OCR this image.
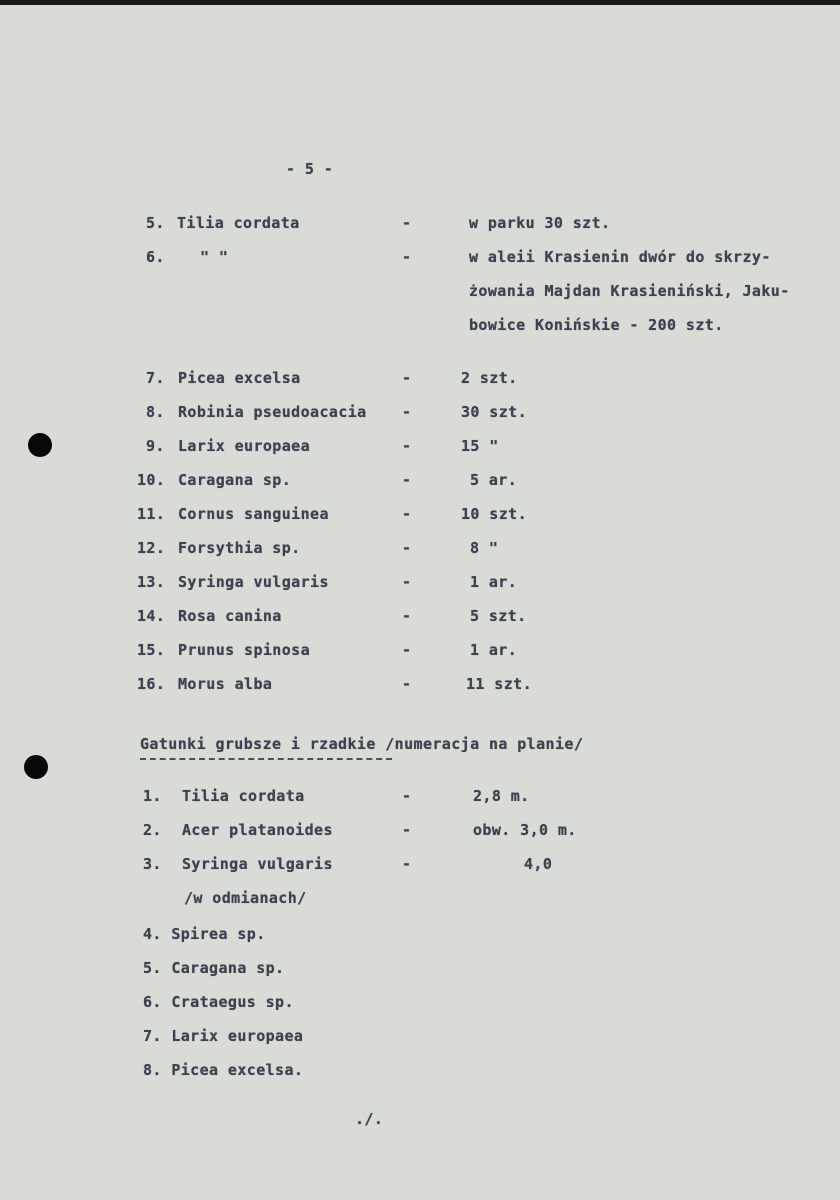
- 5 -
5. Tilia cordata	-	w parku 30 szt.
6. " "	-	w aleii Krasienin dwór do skrzy-
żowania Majdan Krasieniński, Jaku-
bowice Konińskie - 200 szt.
7. Picea excelsa	-	2 szt.
8. Robinia pseudoacacia -	30 szt.
9. Larix europaea	-	15 "
10. Caragana sp.	-	5 ar.
11. Cornus sanguinea	-	10 szt.
12. Forsythia sp.	-	8 "
13. Syringa vulgaris	-	1 ar.
14. Rosa canina	-	5 szt.
15. Prunus spinosa	-	1 ar.
16. Morus alba	-	11 szt.
Gatunki grubsze i rzadkie /numeracja na planie/
1. Tilia cordata	-	2,8 m.
2. Acer platanoides	-	obw. 3,0 m.
3. Syringa vulgaris	-	4,0
/w odmianach/
4. Spirea sp.
5. Caragana sp.
6. Crataegus sp.
7. Larix europaea
8. Picea excelsa.
./.
